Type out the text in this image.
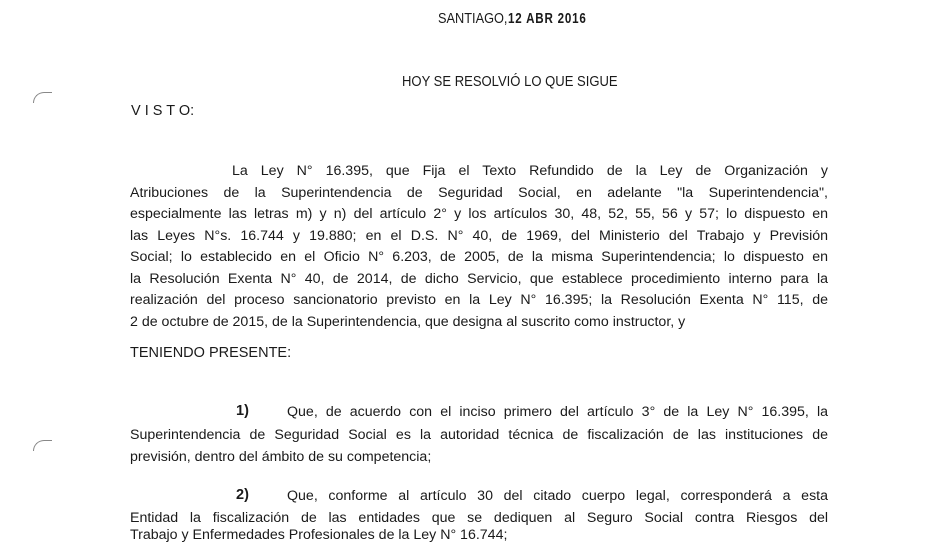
SANTIAGO, 12 ABR 2016
HOY SE RESOLVIÓ LO QUE SIGUE
V I S T O:
La Ley N° 16.395, que Fija el Texto Refundido de la Ley de Organización y
Atribuciones de la Superintendencia de Seguridad Social, en adelante "la Superintendencia",
especialmente las letras m) y n) del artículo 2° y los artículos 30, 48, 52, 55, 56 y 57; lo dispuesto en
las Leyes N°s. 16.744 y 19.880; en el D.S. N° 40, de 1969, del Ministerio del Trabajo y Previsión
Social; lo establecido en el Oficio N° 6.203, de 2005, de la misma Superintendencia; lo dispuesto en
la Resolución Exenta N° 40, de 2014, de dicho Servicio, que establece procedimiento interno para la
realización del proceso sancionatorio previsto en la Ley N° 16.395; la Resolución Exenta N° 115, de
2 de octubre de 2015, de la Superintendencia, que designa al suscrito como instructor, y
TENIENDO PRESENTE:
1)	Que, de acuerdo con el inciso primero del artículo 3° de la Ley N° 16.395, la
Superintendencia de Seguridad Social es la autoridad técnica de fiscalización de las instituciones de
previsión, dentro del ámbito de su competencia;
2)	Que, conforme al artículo 30 del citado cuerpo legal, corresponderá a esta
Entidad la fiscalización de las entidades que se dediquen al Seguro Social contra Riesgos del
Trabajo y Enfermedades Profesionales de la Ley N° 16.744;
